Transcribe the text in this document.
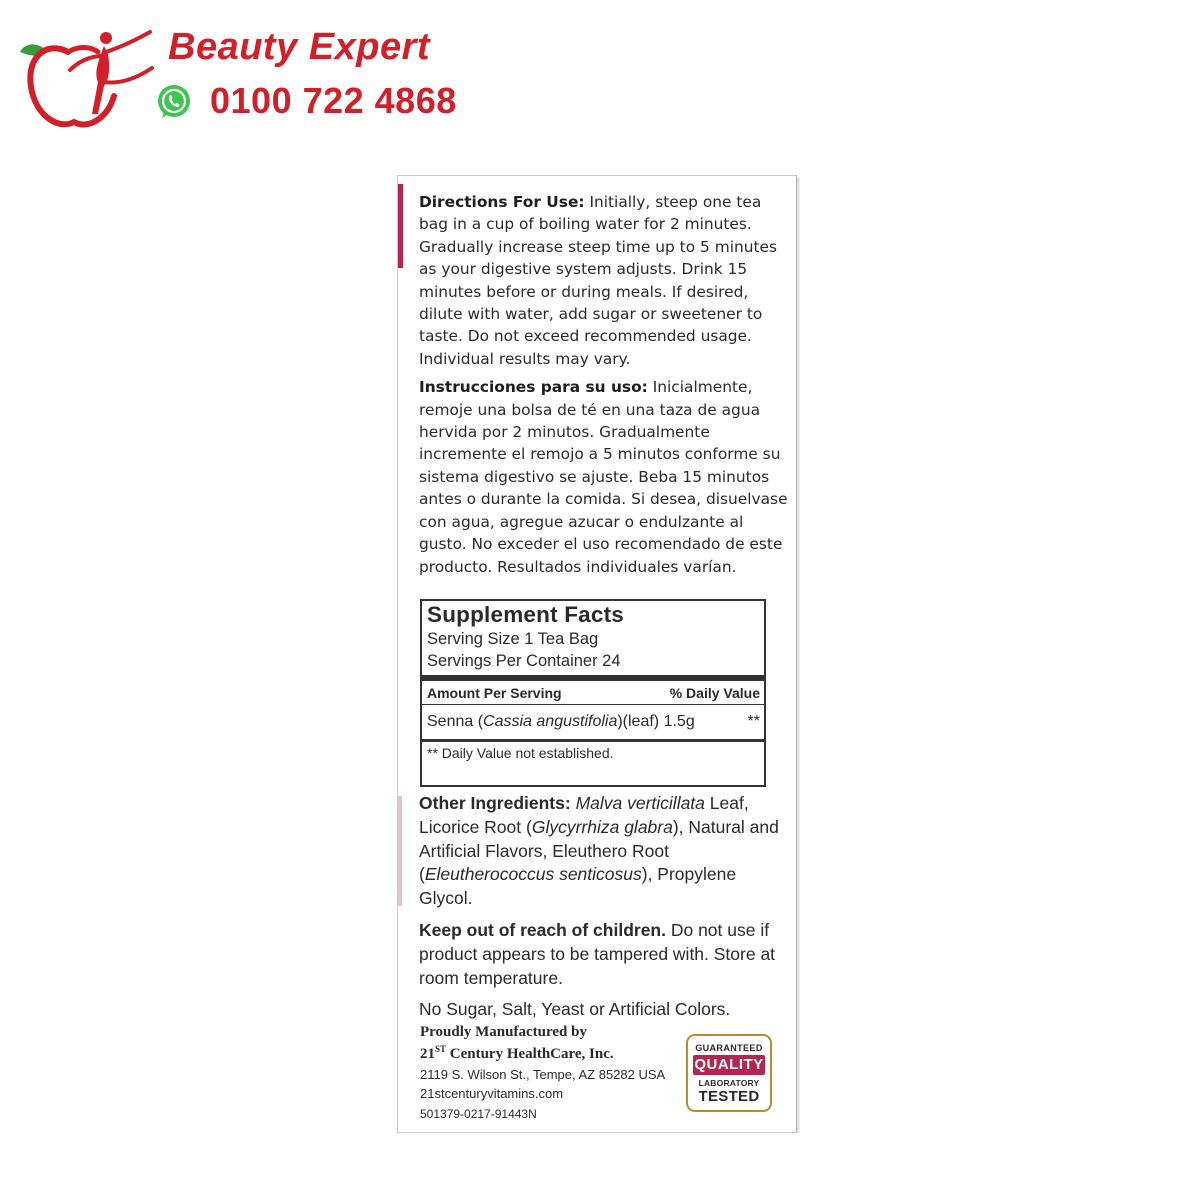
Beauty Expert
0100 722 4868

Directions For Use: Initially, steep one tea bag in a cup of boiling water for 2 minutes. Gradually increase steep time up to 5 minutes as your digestive system adjusts. Drink 15 minutes before or during meals. If desired, dilute with water, add sugar or sweetener to taste. Do not exceed recommended usage. Individual results may vary.

Instrucciones para su uso: Inicialmente, remoje una bolsa de té en una taza de agua hervida por 2 minutos. Gradualmente incremente el remojo a 5 minutos conforme su sistema digestivo se ajuste. Beba 15 minutos antes o durante la comida. Si desea, disuelvase con agua, agregue azucar o endulzante al gusto. No exceder el uso recomendado de este producto. Resultados individuales varían.

Supplement Facts
Serving Size 1 Tea Bag
Servings Per Container 24
Amount Per Serving	% Daily Value
Senna (Cassia angustifolia)(leaf) 1.5g	**
** Daily Value not established.

Other Ingredients: Malva verticillata Leaf, Licorice Root (Glycyrrhiza glabra), Natural and Artificial Flavors, Eleuthero Root (Eleutherococcus senticosus), Propylene Glycol.

Keep out of reach of children. Do not use if product appears to be tampered with. Store at room temperature.

No Sugar, Salt, Yeast or Artificial Colors.

Proudly Manufactured by
21ST Century HealthCare, Inc.
2119 S. Wilson St., Tempe, AZ 85282 USA
21stcenturyvitamins.com
501379-0217-91443N
GUARANTEED
QUALITY
LABORATORY
TESTED
